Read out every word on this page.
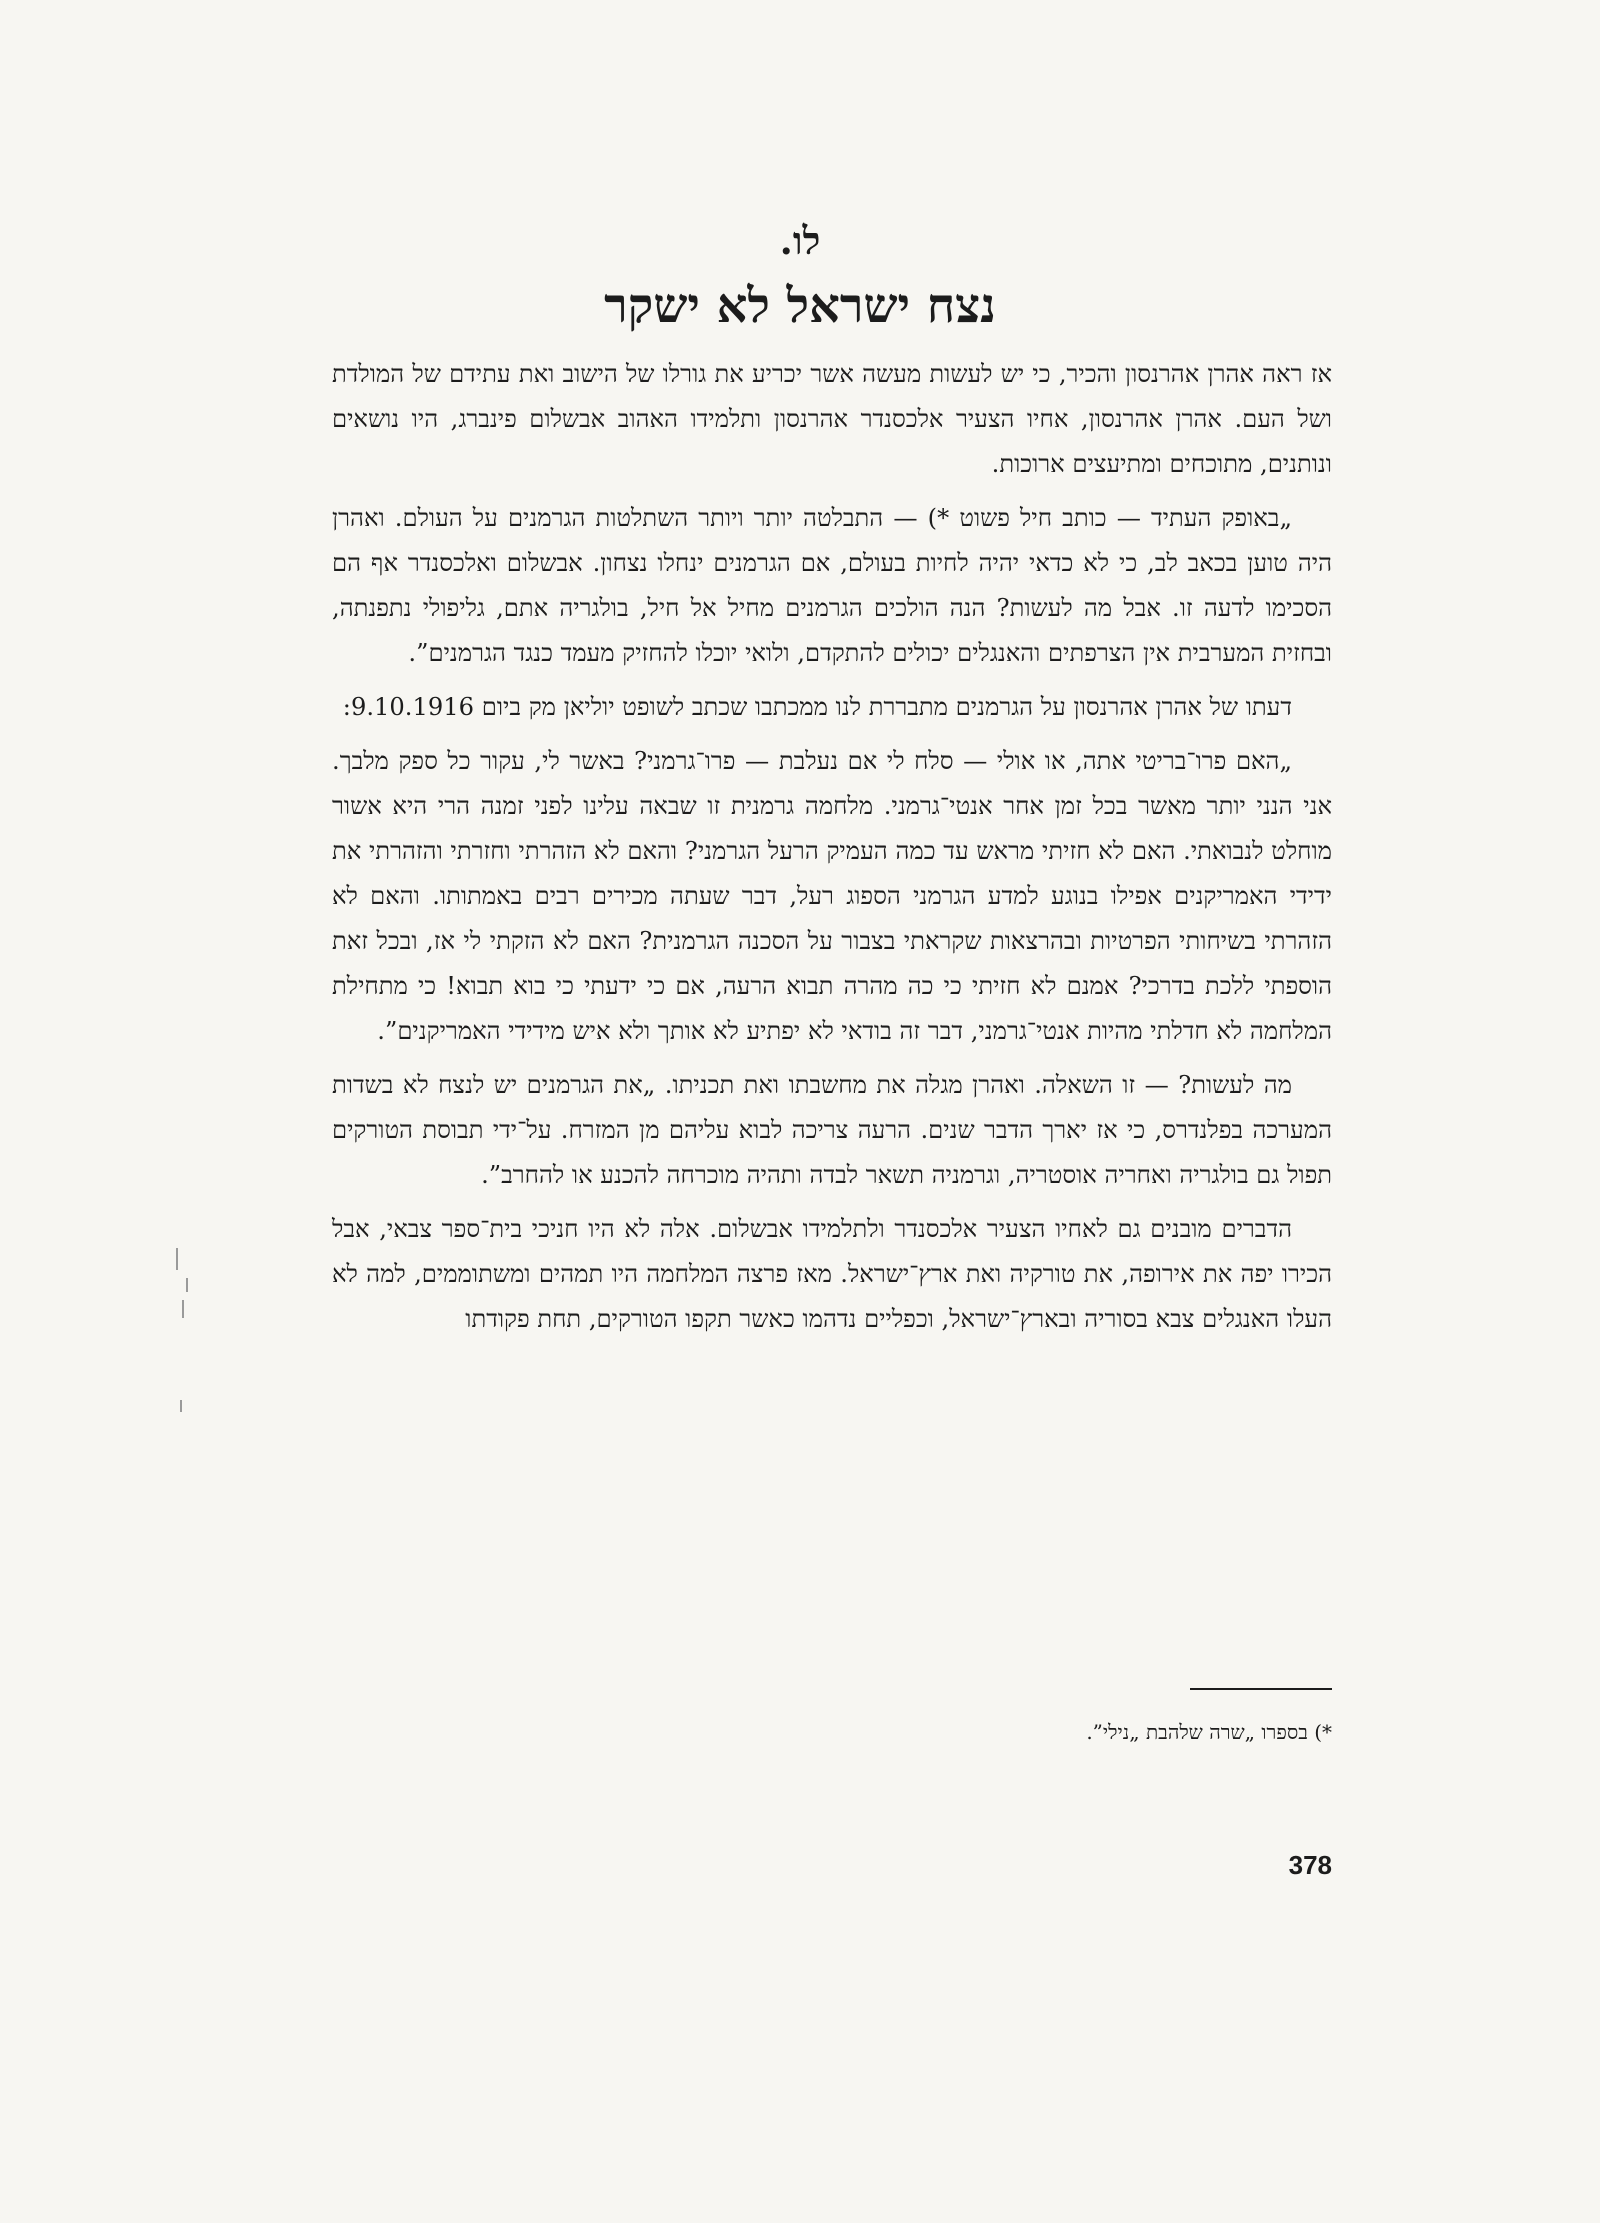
לו.
נצח ישראל לא ישקר

אז ראה אהרן אהרנסון והכיר, כי יש לעשות מעשה אשר יכריע את גורלו של הישוב ואת עתידם של המולדת ושל העם. אהרן אהרנסון, אחיו הצעיר אלכסנדר אהרנסון ותלמידו האהוב אבשלום פינברג, היו נושאים ונותנים, מתוכחים ומתיעצים ארוכות.

„באופק העתיד — כותב חיל פשוט *) — התבלטה יותר ויותר השתלטות הגרמנים על העולם. ואהרן היה טוען בכאב לב, כי לא כדאי יהיה לחיות בעולם, אם הגרמנים ינחלו נצחון. אבשלום ואלכסנדר אף הם הסכימו לדעה זו. אבל מה לעשות? הנה הולכים הגרמנים מחיל אל חיל, בולגריה אתם, גליפולי נתפנתה, ובחזית המערבית אין הצרפתים והאנגלים יכולים להתקדם, ולואי יוכלו להחזיק מעמד כנגד הגרמנים”.

דעתו של אהרן אהרנסון על הגרמנים מתבררת לנו ממכתבו שכתב לשופט יוליאן מק ביום 9.10.1916:

„האם פרו־בריטי אתה, או אולי — סלח לי אם נעלבת — פרו־גרמני? באשר לי, עקור כל ספק מלבך. אני הנני יותר מאשר בכל זמן אחר אנטי־גרמני. מלחמה גרמנית זו שבאה עלינו לפני זמנה הרי היא אשור מוחלט לנבואתי. האם לא חזיתי מראש עד כמה העמיק הרעל הגרמני? והאם לא הזהרתי וחזרתי והזהרתי את ידידי האמריקנים אפילו בנוגע למדע הגרמני הספוג רעל, דבר שעתה מכירים רבים באמתותו. והאם לא הזהרתי בשיחותי הפרטיות ובהרצאות שקראתי בצבור על הסכנה הגרמנית? האם לא הזקתי לי אז, ובכל זאת הוספתי ללכת בדרכי? אמנם לא חזיתי כי כה מהרה תבוא הרעה, אם כי ידעתי כי בוא תבוא! כי מתחילת המלחמה לא חדלתי מהיות אנטי־גרמני, דבר זה בודאי לא יפתיע לא אותך ולא איש מידידי האמריקנים”.

מה לעשות? — זו השאלה. ואהרן מגלה את מחשבתו ואת תכניתו. „את הגרמנים יש לנצח לא בשדות המערכה בפלנדרס, כי אז יארך הדבר שנים. הרעה צריכה לבוא עליהם מן המזרח. על־ידי תבוסת הטורקים תפול גם בולגריה ואחריה אוסטריה, וגרמניה תשאר לבדה ותהיה מוכרחה להכנע או להחרב”.

הדברים מובנים גם לאחיו הצעיר אלכסנדר ולתלמידו אבשלום. אלה לא היו חניכי בית־ספר צבאי, אבל הכירו יפה את אירופה, את טורקיה ואת ארץ־ישראל. מאז פרצה המלחמה היו תמהים ומשתוממים, למה לא העלו האנגלים צבא בסוריה ובארץ־ישראל, וכפליים נדהמו כאשר תקפו הטורקים, תחת פקודתו

*) בספרו „שרה שלהבת „נילי”.
378
